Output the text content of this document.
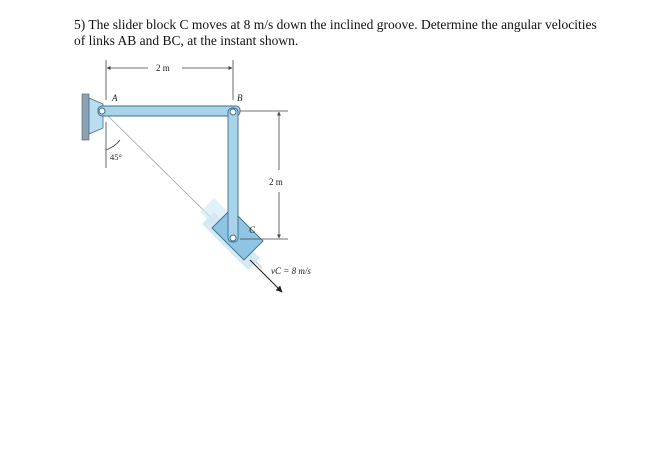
5) The slider block C moves at 8 m/s down the inclined groove. Determine the angular velocities

of links AB and BC, at the instant shown.

A	B
C
2 m
2 m
45°
vC = 8 m/s
